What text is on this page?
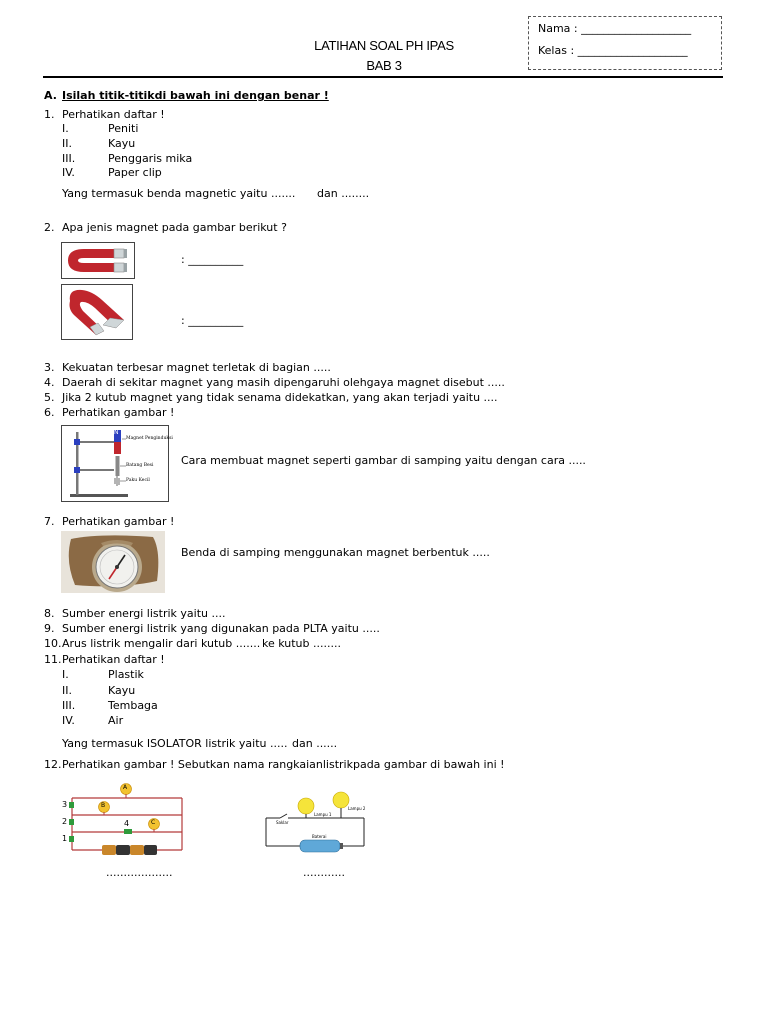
Nama : ____________________
Kelas : ____________________
LATIHAN SOAL PH IPAS
BAB 3
A. Isilah titik-titikdi bawah ini dengan benar !
1. Perhatikan daftar !
I.	Peniti
II.	Kayu
III.	Penggaris mika
IV.	Paper clip
Yang termasuk benda magnetic yaitu ....... dan ........
2. Apa jenis magnet pada gambar berikut ?
: __________
: __________
3. Kekuatan terbesar magnet terletak di bagian .....
4. Daerah di sekitar magnet yang masih dipengaruhi olehgaya magnet disebut .....
5. Jika 2 kutub magnet yang tidak senama didekatkan, yang akan terjadi yaitu ....
6. Perhatikan gambar !
N
Magnet Penginduksi
Batang Besi
Paku Kecil
Cara membuat magnet seperti gambar di samping yaitu dengan cara .....
7. Perhatikan gambar !
Benda di samping menggunakan magnet berbentuk .....
8. Sumber energi listrik yaitu ....
9. Sumber energi listrik yang digunakan pada PLTA yaitu .....
10. Arus listrik mengalir dari kutub ....... ke kutub ........
11. Perhatikan daftar !
I.	Plastik
II.	Kayu
III.	Tembaga
IV.	Air
Yang termasuk ISOLATOR listrik yaitu ..... dan ......
12. Perhatikan gambar ! Sebutkan nama rangkaianlistrikpada gambar di bawah ini !
A
B
C
3
2
1
4
...................
Saklar
Lampu 1
Lampu 2
Baterai
............
